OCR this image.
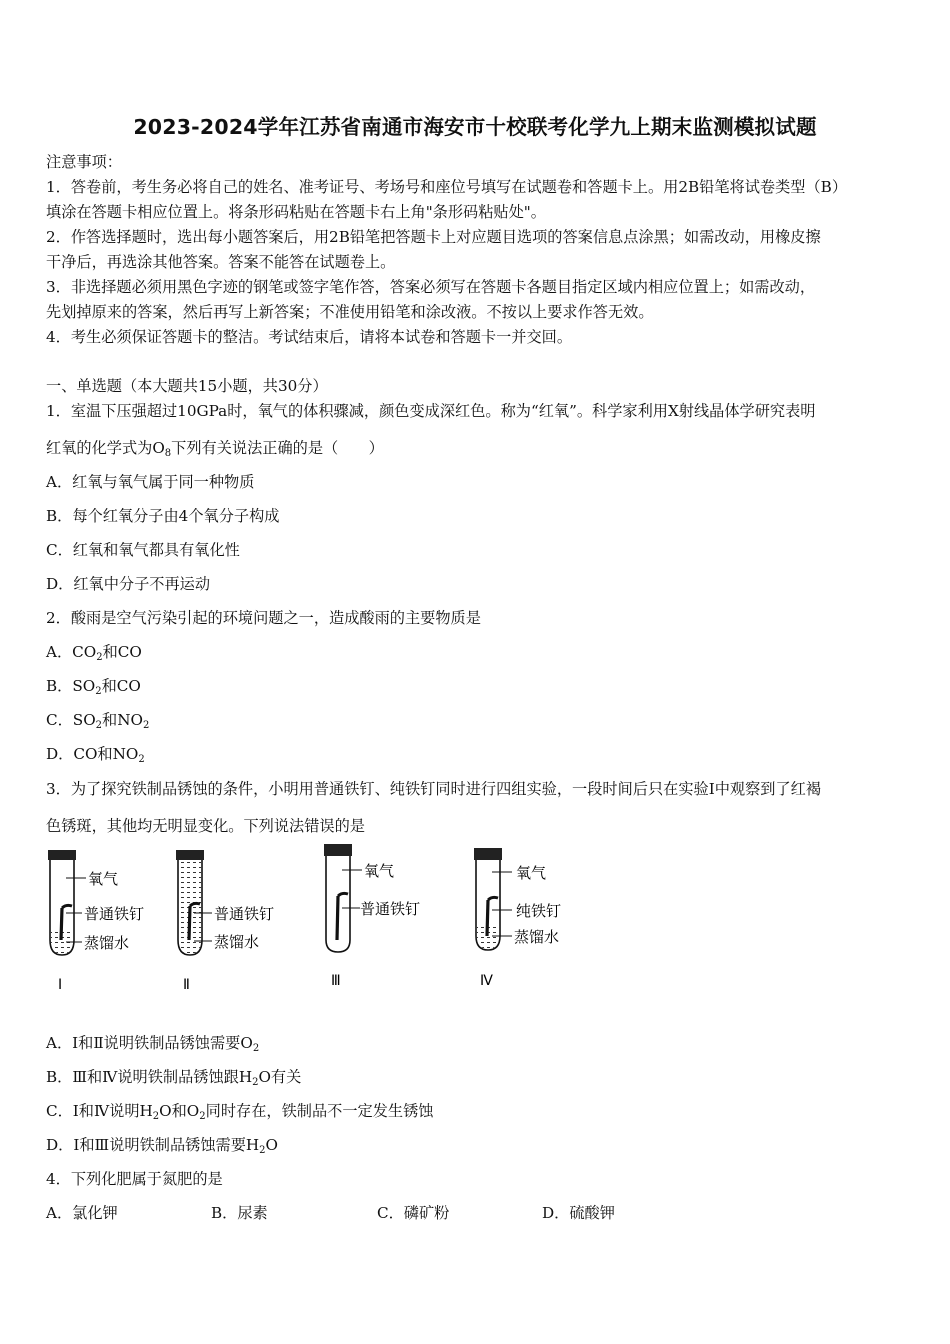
2023-2024学年江苏省南通市海安市十校联考化学九上期末监测模拟试题
注意事项：
1．答卷前，考生务必将自己的姓名、准考证号、考场号和座位号填写在试题卷和答题卡上。用2B铅笔将试卷类型（B）
填涂在答题卡相应位置上。将条形码粘贴在答题卡右上角"条形码粘贴处"。
2．作答选择题时，选出每小题答案后，用2B铅笔把答题卡上对应题目选项的答案信息点涂黑；如需改动，用橡皮擦
干净后，再选涂其他答案。答案不能答在试题卷上。
3．非选择题必须用黑色字迹的钢笔或签字笔作答，答案必须写在答题卡各题目指定区域内相应位置上；如需改动，
先划掉原来的答案，然后再写上新答案；不准使用铅笔和涂改液。不按以上要求作答无效。
4．考生必须保证答题卡的整洁。考试结束后，请将本试卷和答题卡一并交回。
一、单选题（本大题共15小题，共30分）
1．室温下压强超过10GPa时，氧气的体积骤减，颜色变成深红色。称为“红氧”。科学家利用X射线晶体学研究表明
红氧的化学式为$O_8$下列有关说法正确的是（　　）
A．红氧与氧气属于同一种物质
B．每个红氧分子由4个氧分子构成
C．红氧和氧气都具有氧化性
D．红氧中分子不再运动
2．酸雨是空气污染引起的环境问题之一，造成酸雨的主要物质是
A．$CO_2$和CO
B．$SO_2$和CO
C．$SO_2$和$NO_2$
D．CO和$NO_2$
3．为了探究铁制品锈蚀的条件，小明用普通铁钉、纯铁钉同时进行四组实验，一段时间后只在实验Ⅰ中观察到了红褐
色锈斑，其他均无明显变化。下列说法错误的是
氧气
普通铁钉
蒸馏水
Ⅰ
普通铁钉
蒸馏水
Ⅱ
氧气
普通铁钉
Ⅲ
氧气
纯铁钉
蒸馏水
Ⅳ
A．Ⅰ和Ⅱ说明铁制品锈蚀需要$O_2$
B．Ⅲ和Ⅳ说明铁制品锈蚀跟$H_2O$有关
C．Ⅰ和Ⅳ说明$H_2O$和$O_2$同时存在，铁制品不一定发生锈蚀
D．Ⅰ和Ⅲ说明铁制品锈蚀需要$H_2O$
4．下列化肥属于氮肥的是
A．氯化钾	B．尿素	C．磷矿粉	D．硫酸钾
